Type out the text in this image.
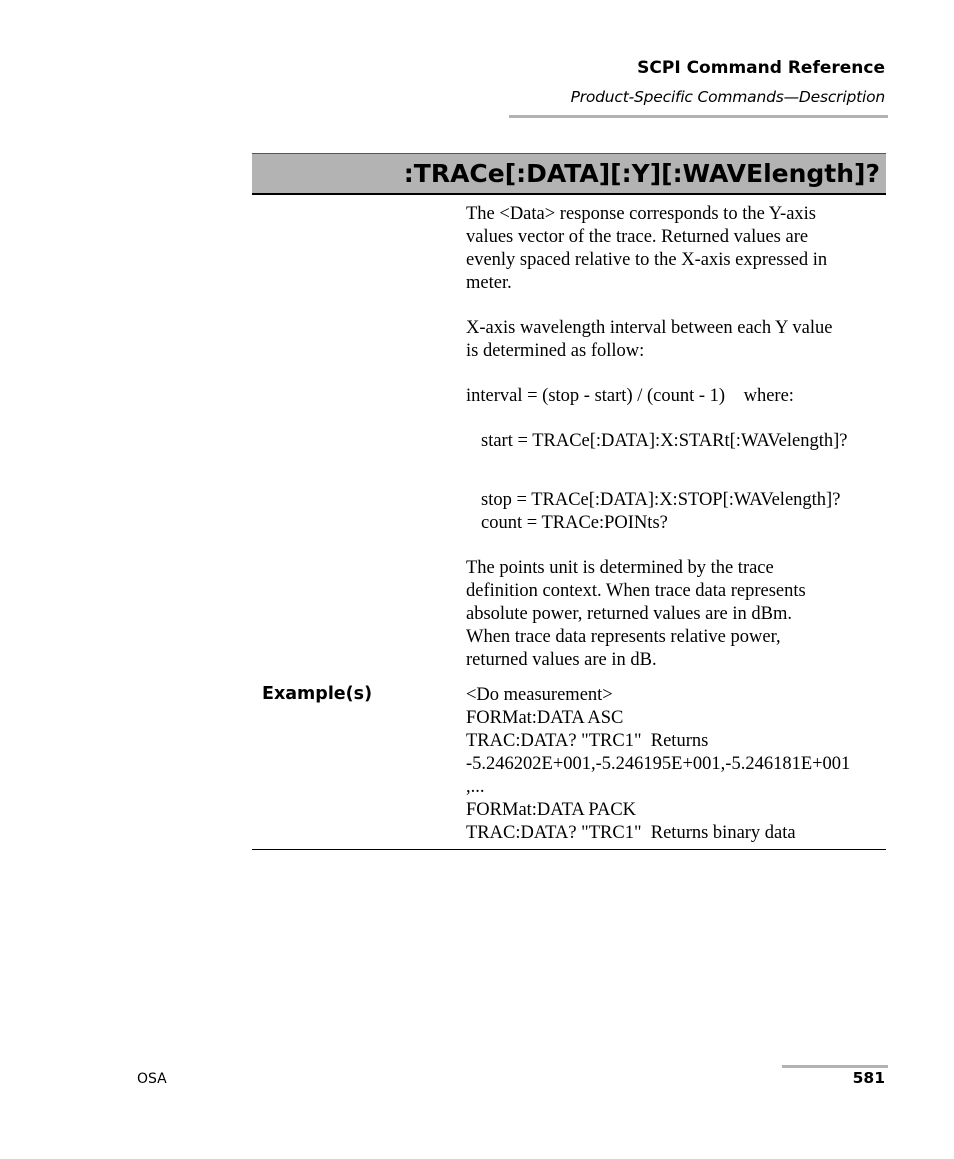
SCPI Command Reference
Product-Specific Commands—Description
:TRACe[:DATA][:Y][:WAVElength]?
The <Data> response corresponds to the Y-axis
values vector of the trace. Returned values are
evenly spaced relative to the X-axis expressed in
meter.
X-axis wavelength interval between each Y value
is determined as follow:
interval = (stop - start) / (count - 1)    where:
start = TRACe[:DATA]:X:STARt[:WAVelength]?
stop = TRACe[:DATA]:X:STOP[:WAVelength]?
count = TRACe:POINts?
The points unit is determined by the trace
definition context. When trace data represents
absolute power, returned values are in dBm.
When trace data represents relative power,
returned values are in dB.
Example(s)	<Do measurement>
FORMat:DATA ASC
TRAC:DATA? "TRC1"  Returns
-5.246202E+001,-5.246195E+001,-5.246181E+001
,...
FORMat:DATA PACK
TRAC:DATA? "TRC1"  Returns binary data
OSA	581
